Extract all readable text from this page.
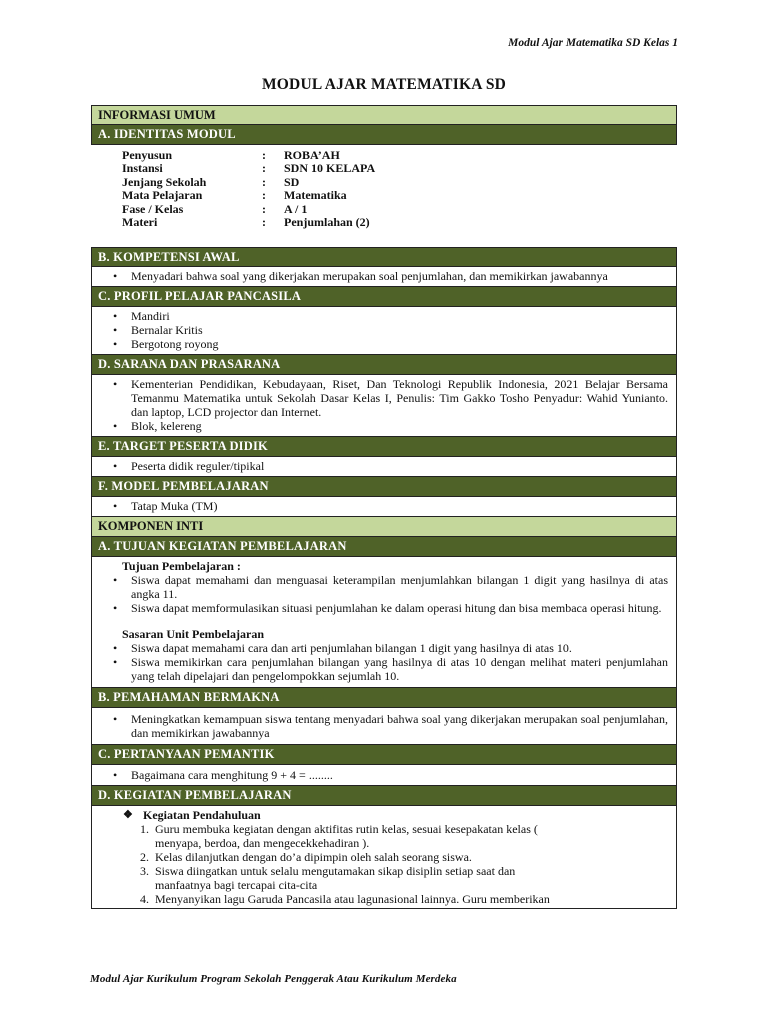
Modul Ajar Matematika SD Kelas 1
MODUL AJAR MATEMATIKA SD
INFORMASI UMUM
A. IDENTITAS MODUL
Penyusun	:	ROBA’AH
Instansi	:	SDN 10 KELAPA
Jenjang Sekolah	:	SD
Mata Pelajaran	:	Matematika
Fase / Kelas	:	A / 1
Materi	:	Penjumlahan (2)
B. KOMPETENSI AWAL
• Menyadari bahwa soal yang dikerjakan merupakan soal penjumlahan, dan memikirkan jawabannya
C. PROFIL PELAJAR PANCASILA
• Mandiri
• Bernalar Kritis
• Bergotong royong
D. SARANA DAN PRASARANA
• Kementerian Pendidikan, Kebudayaan, Riset, Dan Teknologi Republik Indonesia, 2021 Belajar Bersama Temanmu Matematika untuk Sekolah Dasar Kelas I, Penulis: Tim Gakko Tosho Penyadur: Wahid Yunianto. dan laptop, LCD projector dan Internet.
• Blok, kelereng
E. TARGET PESERTA DIDIK
• Peserta didik reguler/tipikal
F. MODEL PEMBELAJARAN
• Tatap Muka (TM)
KOMPONEN INTI
A. TUJUAN KEGIATAN PEMBELAJARAN
Tujuan Pembelajaran :
• Siswa dapat memahami dan menguasai keterampilan menjumlahkan bilangan 1 digit yang hasilnya di atas angka 11.
• Siswa dapat memformulasikan situasi penjumlahan ke dalam operasi hitung dan bisa membaca operasi hitung.
Sasaran Unit Pembelajaran
• Siswa dapat memahami cara dan arti penjumlahan bilangan 1 digit yang hasilnya di atas 10.
• Siswa memikirkan cara penjumlahan bilangan yang hasilnya di atas 10 dengan melihat materi penjumlahan yang telah dipelajari dan pengelompokkan sejumlah 10.
B. PEMAHAMAN BERMAKNA
• Meningkatkan kemampuan siswa tentang menyadari bahwa soal yang dikerjakan merupakan soal penjumlahan, dan memikirkan jawabannya
C. PERTANYAAN PEMANTIK
• Bagaimana cara menghitung 9 + 4 = ........
D. KEGIATAN PEMBELAJARAN
❖ Kegiatan Pendahuluan
1. Guru membuka kegiatan dengan aktifitas rutin kelas, sesuai kesepakatan kelas ( menyapa, berdoa, dan mengecekkehadiran ).
2. Kelas dilanjutkan dengan do’a dipimpin oleh salah seorang siswa.
3. Siswa diingatkan untuk selalu mengutamakan sikap disiplin setiap saat dan manfaatnya bagi tercapai cita-cita
4. Menyanyikan lagu Garuda Pancasila atau lagunasional lainnya. Guru memberikan
Modul Ajar Kurikulum Program Sekolah Penggerak Atau Kurikulum Merdeka
